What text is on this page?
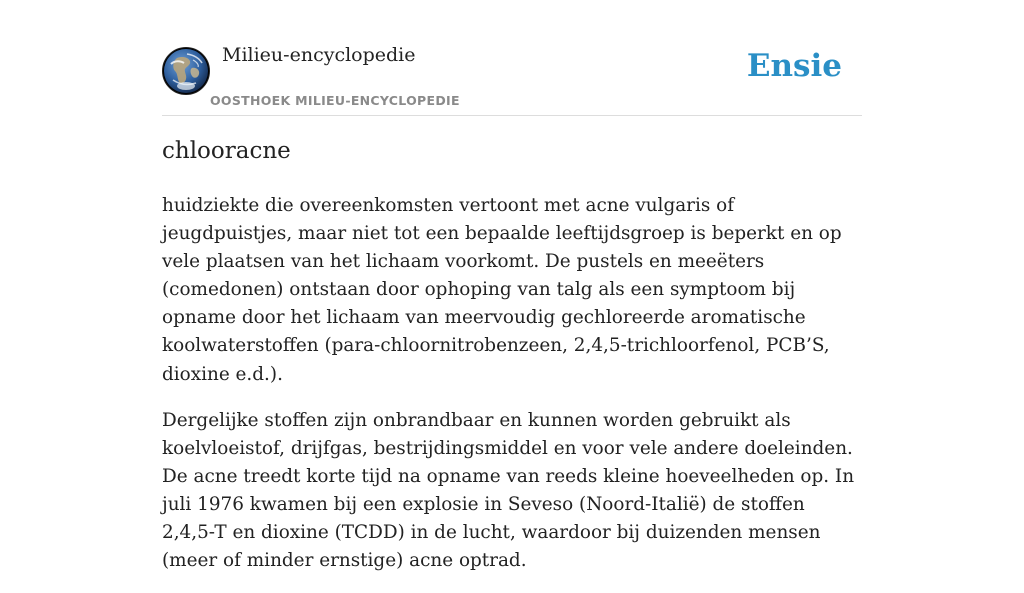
Milieu-encyclopedie
OOSTHOEK MILIEU-ENCYCLOPEDIE
Ensie
chlooracne

huidziekte die overeenkomsten vertoont met acne vulgaris of jeugdpuistjes, maar niet tot een bepaalde leeftijdsgroep is beperkt en op vele plaatsen van het lichaam voorkomt. De pustels en meeëters (comedonen) ontstaan door ophoping van talg als een symptoom bij opname door het lichaam van meervoudig gechloreerde aromatische koolwaterstoffen (para-chloornitrobenzeen, 2,4,5-trichloorfenol, PCB’S, dioxine e.d.).

Dergelijke stoffen zijn onbrandbaar en kunnen worden gebruikt als koelvloeistof, drijfgas, bestrijdingsmiddel en voor vele andere doeleinden. De acne treedt korte tijd na opname van reeds kleine hoeveelheden op. In juli 1976 kwamen bij een explosie in Seveso (Noord-Italië) de stoffen 2,4,5-T en dioxine (TCDD) in de lucht, waardoor bij duizenden mensen (meer of minder ernstige) acne optrad.
